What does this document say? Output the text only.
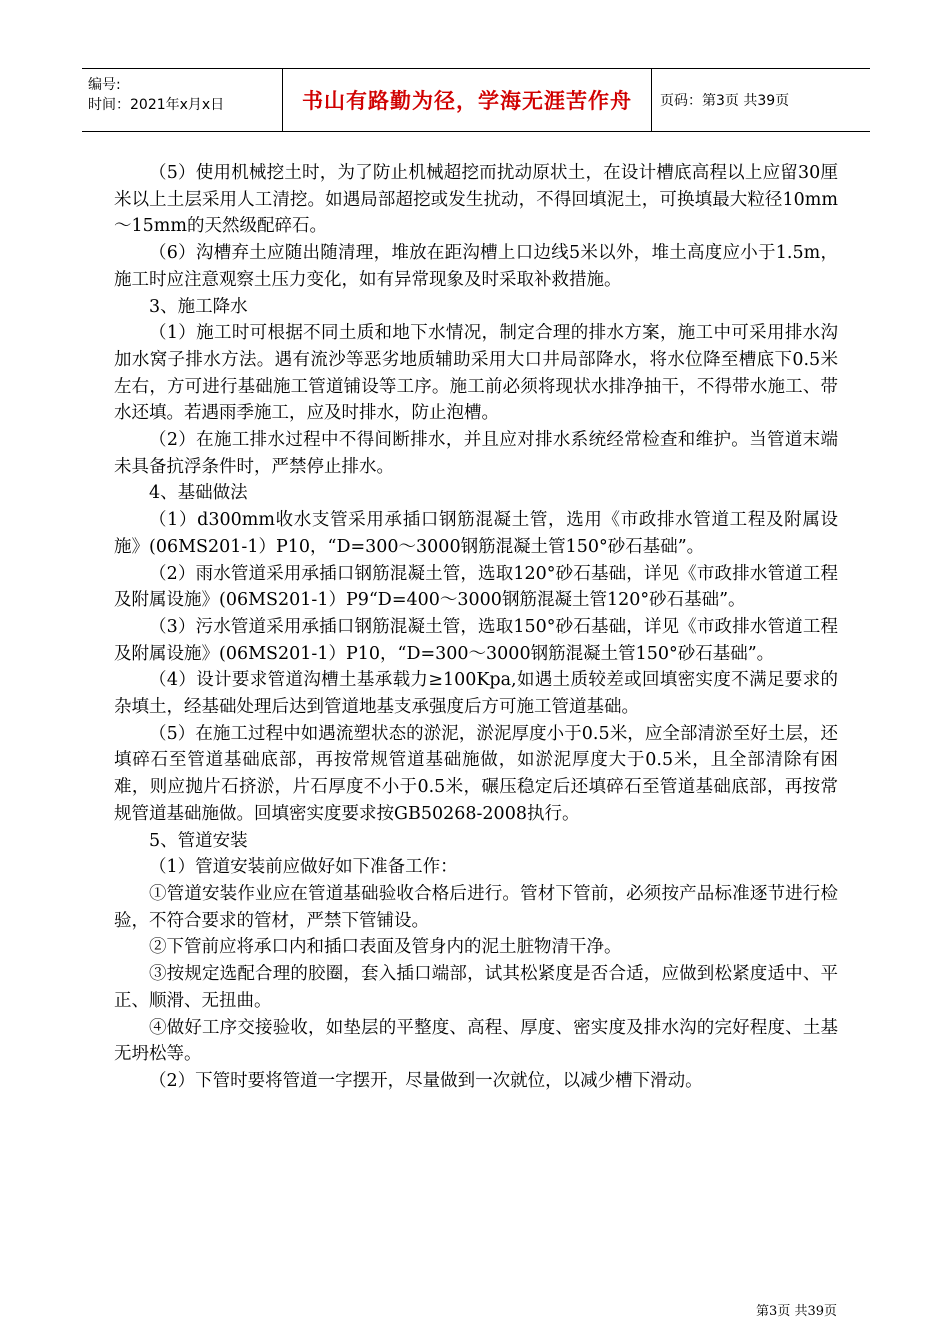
编号:
时间：2021年x月x日	书山有路勤为径，学海无涯苦作舟 页码：第3页 共39页

（5）使用机械挖土时，为了防止机械超挖而扰动原状土，在设计槽底高程以上应留30厘米以上土层采用人工清挖。如遇局部超挖或发生扰动，不得回填泥土，可换填最大粒径10mm～15mm的天然级配碎石。

（6）沟槽弃土应随出随清理，堆放在距沟槽上口边线5米以外，堆土高度应小于1.5m，施工时应注意观察土压力变化，如有异常现象及时采取补救措施。

3、施工降水

（1）施工时可根据不同土质和地下水情况，制定合理的排水方案，施工中可采用排水沟加水窝子排水方法。遇有流沙等恶劣地质辅助采用大口井局部降水，将水位降至槽底下0.5米左右，方可进行基础施工管道铺设等工序。施工前必须将现状水排净抽干，不得带水施工、带水还填。若遇雨季施工，应及时排水，防止泡槽。

（2）在施工排水过程中不得间断排水，并且应对排水系统经常检查和维护。当管道末端未具备抗浮条件时，严禁停止排水。

4、基础做法

（1）d300mm收水支管采用承插口钢筋混凝土管，选用《市政排水管道工程及附属设施》(06MS201-1）P10，“D=300～3000钢筋混凝土管150°砂石基础”。

（2）雨水管道采用承插口钢筋混凝土管，选取120°砂石基础，详见《市政排水管道工程及附属设施》(06MS201-1）P9“D=400～3000钢筋混凝土管120°砂石基础”。

（3）污水管道采用承插口钢筋混凝土管，选取150°砂石基础，详见《市政排水管道工程及附属设施》(06MS201-1）P10，“D=300～3000钢筋混凝土管150°砂石基础”。

（4）设计要求管道沟槽土基承载力≥100Kpa,如遇土质较差或回填密实度不满足要求的杂填土，经基础处理后达到管道地基支承强度后方可施工管道基础。

（5）在施工过程中如遇流塑状态的淤泥，淤泥厚度小于0.5米，应全部清淤至好土层，还填碎石至管道基础底部，再按常规管道基础施做，如淤泥厚度大于0.5米，且全部清除有困难，则应抛片石挤淤，片石厚度不小于0.5米，碾压稳定后还填碎石至管道基础底部，再按常规管道基础施做。回填密实度要求按GB50268-2008执行。

5、管道安装

（1）管道安装前应做好如下准备工作：

①管道安装作业应在管道基础验收合格后进行。管材下管前，必须按产品标准逐节进行检验，不符合要求的管材，严禁下管铺设。

②下管前应将承口内和插口表面及管身内的泥土脏物清干净。

③按规定选配合理的胶圈，套入插口端部，试其松紧度是否合适，应做到松紧度适中、平正、顺滑、无扭曲。

④做好工序交接验收，如垫层的平整度、高程、厚度、密实度及排水沟的完好程度、土基无坍松等。

（2）下管时要将管道一字摆开，尽量做到一次就位，以减少槽下滑动。

第3页 共39页
